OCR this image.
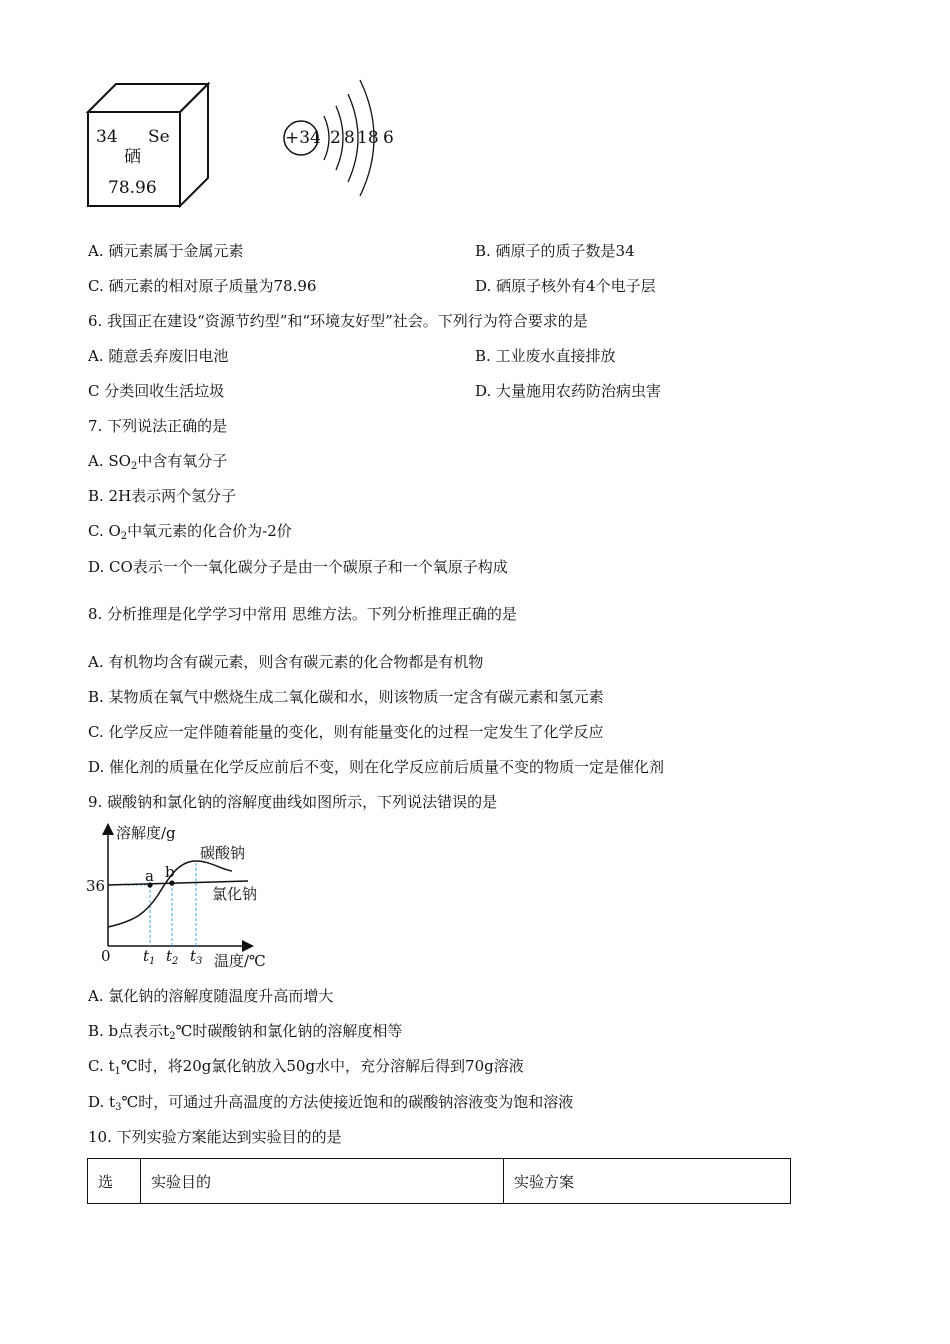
34 Se
硒
78.96
+34 2 8 18 6
A. 硒元素属于金属元素	B. 硒原子的质子数是34
C. 硒元素的相对原子质量为78.96	D. 硒原子核外有4个电子层
6. 我国正在建设“资源节约型”和“环境友好型”社会。下列行为符合要求的是
A. 随意丢弃废旧电池	B. 工业废水直接排放
C 分类回收生活垃圾	D. 大量施用农药防治病虫害
7. 下列说法正确的是
A. $SO_2$中含有氧分子
B. 2H表示两个氢分子
C. $O_2$中氧元素的化合价为-2价
D. CO表示一个一氧化碳分子是由一个碳原子和一个氧原子构成
8. 分析推理是化学学习中常用 思维方法。下列分析推理正确的是
A. 有机物均含有碳元素，则含有碳元素的化合物都是有机物
B. 某物质在氧气中燃烧生成二氧化碳和水，则该物质一定含有碳元素和氢元素
C. 化学反应一定伴随着能量的变化，则有能量变化的过程一定发生了化学反应
D. 催化剂的质量在化学反应前后不变，则在化学反应前后质量不变的物质一定是催化剂
9. 碳酸钠和氯化钠的溶解度曲线如图所示，下列说法错误的是
溶解度/g
碳酸钠
a b
36	氯化钠
0 $t_1$ $t_2$ $t_3$ 温度/℃
A. 氯化钠的溶解度随温度升高而增大
B. b点表示$t_2℃$时碳酸钠和氯化钠的溶解度相等
C. $t_1℃$时，将20g氯化钠放入50g水中，充分溶解后得到70g溶液
D. $t_3℃$时，可通过升高温度的方法使接近饱和的碳酸钠溶液变为饱和溶液
10. 下列实验方案能达到实验目的的是
选	实验目的	实验方案
